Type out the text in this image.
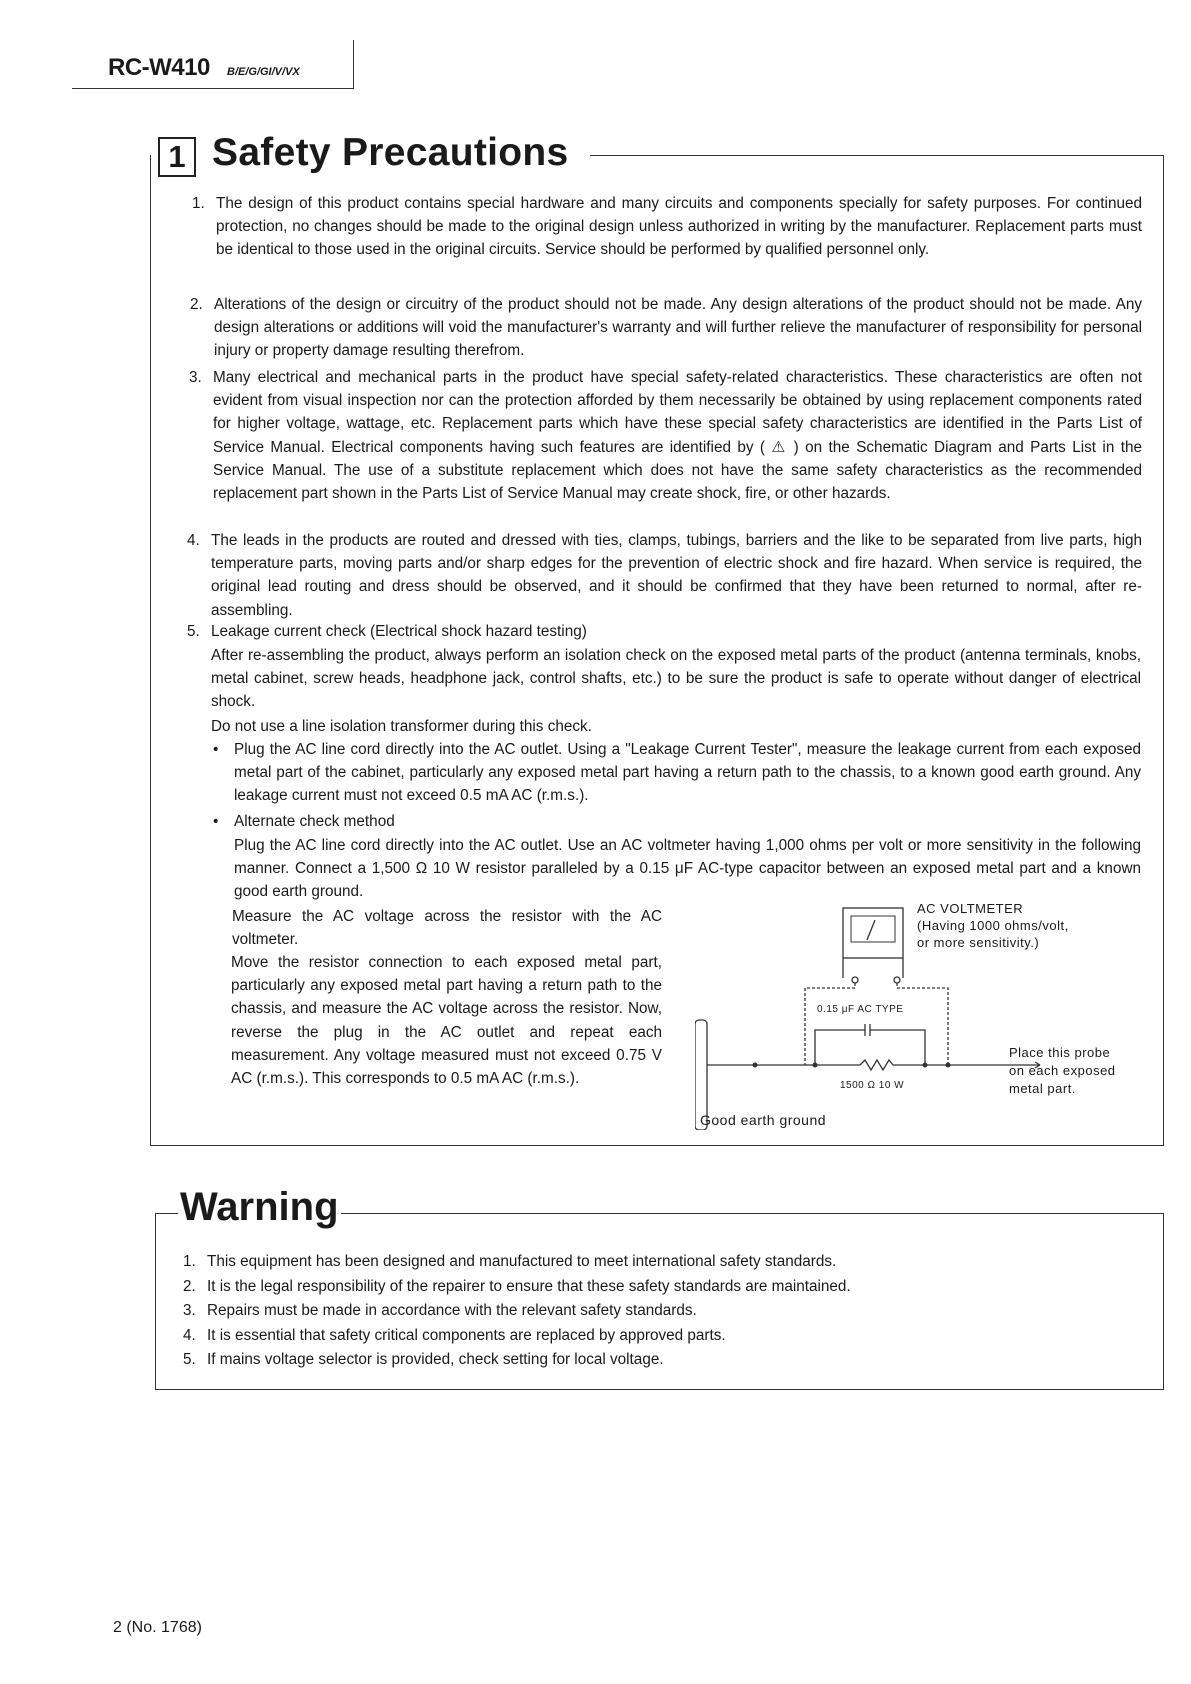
RC-W410 B/E/G/GI/V/VX
1 Safety Precautions
1. The design of this product contains special hardware and many circuits and components specially for safety purposes. For continued protection, no changes should be made to the original design unless authorized in writing by the manufacturer. Replacement parts must be identical to those used in the original circuits. Service should be performed by qualified personnel only.
2. Alterations of the design or circuitry of the product should not be made. Any design alterations of the product should not be made. Any design alterations or additions will void the manufacturer's warranty and will further relieve the manufacturer of responsibility for personal injury or property damage resulting therefrom.
3. Many electrical and mechanical parts in the product have special safety-related characteristics. These characteristics are often not evident from visual inspection nor can the protection afforded by them necessarily be obtained by using replacement components rated for higher voltage, wattage, etc. Replacement parts which have these special safety characteristics are identified in the Parts List of Service Manual. Electrical components having such features are identified by ( ⚠ ) on the Schematic Diagram and Parts List in the Service Manual. The use of a substitute replacement which does not have the same safety characteristics as the recommended replacement part shown in the Parts List of Service Manual may create shock, fire, or other hazards.
4. The leads in the products are routed and dressed with ties, clamps, tubings, barriers and the like to be separated from live parts, high temperature parts, moving parts and/or sharp edges for the prevention of electric shock and fire hazard. When service is required, the original lead routing and dress should be observed, and it should be confirmed that they have been returned to normal, after re-assembling.
5. Leakage current check (Electrical shock hazard testing)
After re-assembling the product, always perform an isolation check on the exposed metal parts of the product (antenna terminals, knobs, metal cabinet, screw heads, headphone jack, control shafts, etc.) to be sure the product is safe to operate without danger of electrical shock.
Do not use a line isolation transformer during this check.
• Plug the AC line cord directly into the AC outlet. Using a "Leakage Current Tester", measure the leakage current from each exposed metal part of the cabinet, particularly any exposed metal part having a return path to the chassis, to a known good earth ground. Any leakage current must not exceed 0.5 mA AC (r.m.s.).
• Alternate check method
Plug the AC line cord directly into the AC outlet. Use an AC voltmeter having 1,000 ohms per volt or more sensitivity in the following manner. Connect a 1,500 Ω 10 W resistor paralleled by a 0.15 μF AC-type capacitor between an exposed metal part and a known good earth ground.
Measure the AC voltage across the resistor with the AC voltmeter.
Move the resistor connection to each exposed metal part, particularly any exposed metal part having a return path to the chassis, and measure the AC voltage across the resistor. Now, reverse the plug in the AC outlet and repeat each measurement. Any voltage measured must not exceed 0.75 V AC (r.m.s.). This corresponds to 0.5 mA AC (r.m.s.).
AC VOLTMETER
(Having 1000 ohms/volt,
or more sensitivity.)
0.15 μF AC TYPE
1500 Ω 10 W
Place this probe
on each exposed
metal part.
Good earth ground
Warning
1. This equipment has been designed and manufactured to meet international safety standards.
2. It is the legal responsibility of the repairer to ensure that these safety standards are maintained.
3. Repairs must be made in accordance with the relevant safety standards.
4. It is essential that safety critical components are replaced by approved parts.
5. If mains voltage selector is provided, check setting for local voltage.
2 (No. 1768)
